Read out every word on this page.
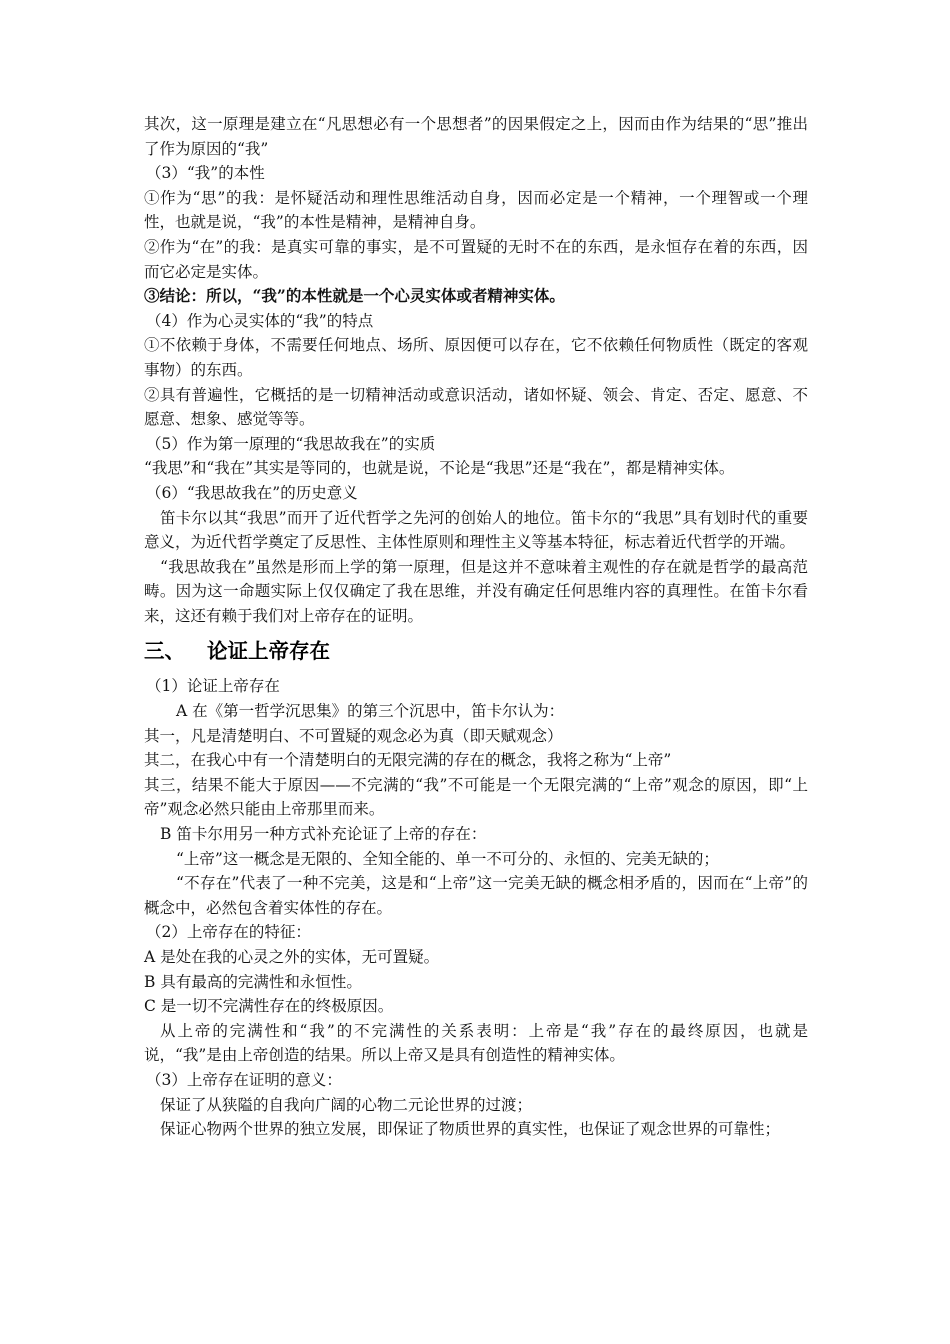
其次，这一原理是建立在“凡思想必有一个思想者”的因果假定之上，因而由作为结果的“思”推出了作为原因的“我”

（3）“我”的本性

①作为“思”的我：是怀疑活动和理性思维活动自身，因而必定是一个精神，一个理智或一个理性，也就是说，“我”的本性是精神，是精神自身。

②作为“在”的我：是真实可靠的事实，是不可置疑的无时不在的东西，是永恒存在着的东西，因而它必定是实体。

③结论：所以，“我”的本性就是一个心灵实体或者精神实体。

（4）作为心灵实体的“我”的特点

①不依赖于身体，不需要任何地点、场所、原因便可以存在，它不依赖任何物质性（既定的客观事物）的东西。

②具有普遍性，它概括的是一切精神活动或意识活动，诸如怀疑、领会、肯定、否定、愿意、不愿意、想象、感觉等等。

（5）作为第一原理的“我思故我在”的实质

“我思”和“我在”其实是等同的，也就是说，不论是“我思”还是“我在”，都是精神实体。

（6）“我思故我在”的历史意义

笛卡尔以其“我思”而开了近代哲学之先河的创始人的地位。笛卡尔的“我思”具有划时代的重要意义，为近代哲学奠定了反思性、主体性原则和理性主义等基本特征，标志着近代哲学的开端。

“我思故我在”虽然是形而上学的第一原理，但是这并不意味着主观性的存在就是哲学的最高范畴。因为这一命题实际上仅仅确定了我在思维，并没有确定任何思维内容的真理性。在笛卡尔看来，这还有赖于我们对上帝存在的证明。

三、 论证上帝存在

（1）论证上帝存在

A 在《第一哲学沉思集》的第三个沉思中，笛卡尔认为：

其一，凡是清楚明白、不可置疑的观念必为真（即天赋观念）

其二，在我心中有一个清楚明白的无限完满的存在的概念，我将之称为“上帝”

其三，结果不能大于原因——不完满的“我”不可能是一个无限完满的“上帝”观念的原因，即“上帝”观念必然只能由上帝那里而来。

B 笛卡尔用另一种方式补充论证了上帝的存在：

“上帝”这一概念是无限的、全知全能的、单一不可分的、永恒的、完美无缺的；

“不存在”代表了一种不完美，这是和“上帝”这一完美无缺的概念相矛盾的，因而在“上帝”的概念中，必然包含着实体性的存在。

（2）上帝存在的特征：

A 是处在我的心灵之外的实体，无可置疑。

B 具有最高的完满性和永恒性。

C 是一切不完满性存在的终极原因。

从上帝的完满性和“我”的不完满性的关系表明：上帝是“我”存在的最终原因，也就是说，“我”是由上帝创造的结果。所以上帝又是具有创造性的精神实体。

（3）上帝存在证明的意义：

保证了从狭隘的自我向广阔的心物二元论世界的过渡；

保证心物两个世界的独立发展，即保证了物质世界的真实性，也保证了观念世界的可靠性；
